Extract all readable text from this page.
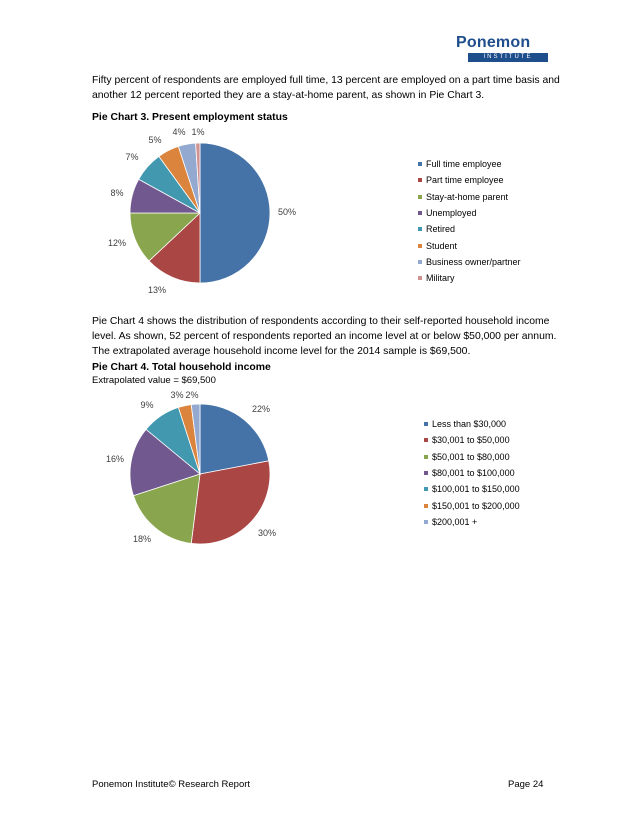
Ponemon
INSTITUTE

Fifty percent of respondents are employed full time, 13 percent are employed on a part time basis and another 12 percent reported they are a stay-at-home parent, as shown in Pie Chart 3.

Pie Chart 3. Present employment status

50%
13%
12%
8%
7%
5%
4% 1%
Full time employee
Part time employee
Stay-at-home parent
Unemployed
Retired
Student
Business owner/partner
Military

Pie Chart 4 shows the distribution of respondents according to their self-reported household income level. As shown, 52 percent of respondents reported an income level at or below $50,000 per annum. The extrapolated average household income level for the 2014 sample is $69,500.

Pie Chart 4. Total household income

Extrapolated value = $69,500

22%
30%
18%
16%
9%
3% 2%
Less than $30,000
$30,001 to $50,000
$50,001 to $80,000
$80,001 to $100,000
$100,001 to $150,000
$150,001 to $200,000
$200,001 +
Ponemon Institute© Research Report	Page 24
